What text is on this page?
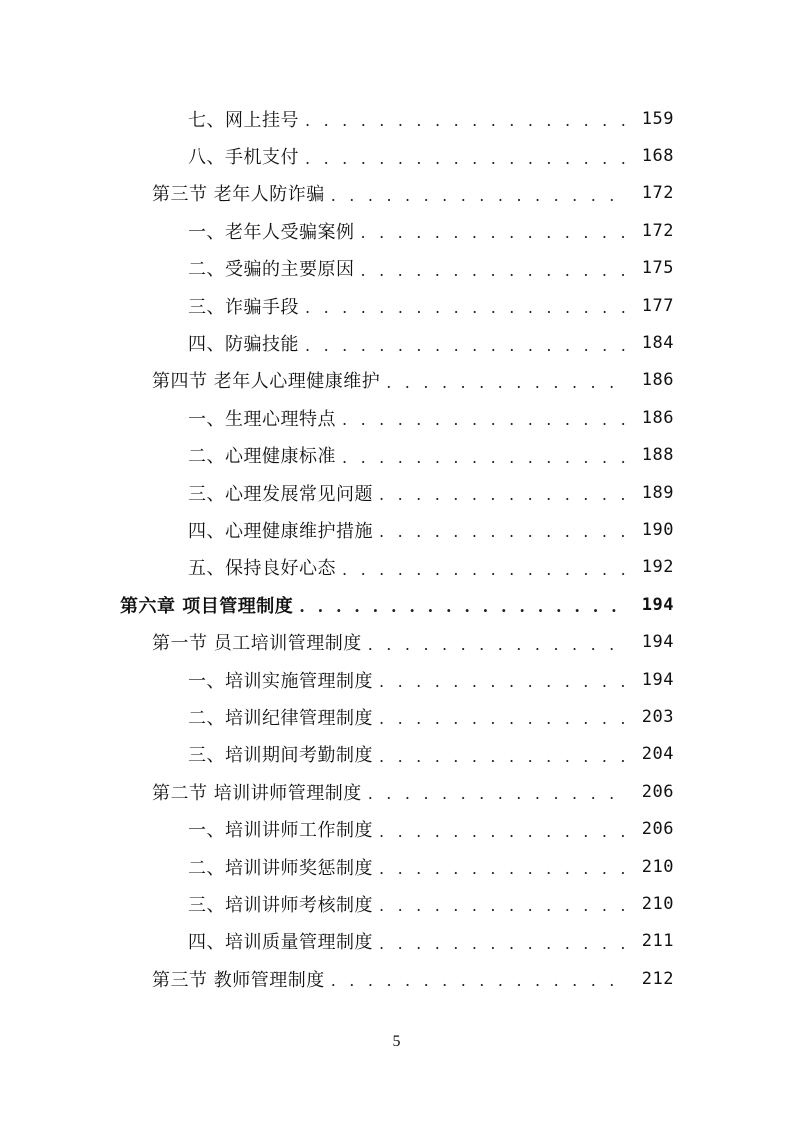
七、网上挂号 . . .	159
八、手机支付 . . .	168
第三节 老年人防诈骗 . . .	172
一、老年人受骗案例 . . .	172
二、受骗的主要原因 . . .	175
三、诈骗手段 . . .	177
四、防骗技能 . . .	184
第四节 老年人心理健康维护 . . .	186
一、生理心理特点 . . .	186
二、心理健康标准 . . .	188
三、心理发展常见问题 . . .	189
四、心理健康维护措施 . . .	190
五、保持良好心态 . . .	192
第六章 项目管理制度 . . .	194
第一节 员工培训管理制度 . . .	194
一、培训实施管理制度 . . .	194
二、培训纪律管理制度 . . .	203
三、培训期间考勤制度 . . .	204
第二节 培训讲师管理制度 . . .	206
一、培训讲师工作制度 . . .	206
二、培训讲师奖惩制度 . . .	210
三、培训讲师考核制度 . . .	210
四、培训质量管理制度 . . .	211
第三节 教师管理制度 . . .	212
5
